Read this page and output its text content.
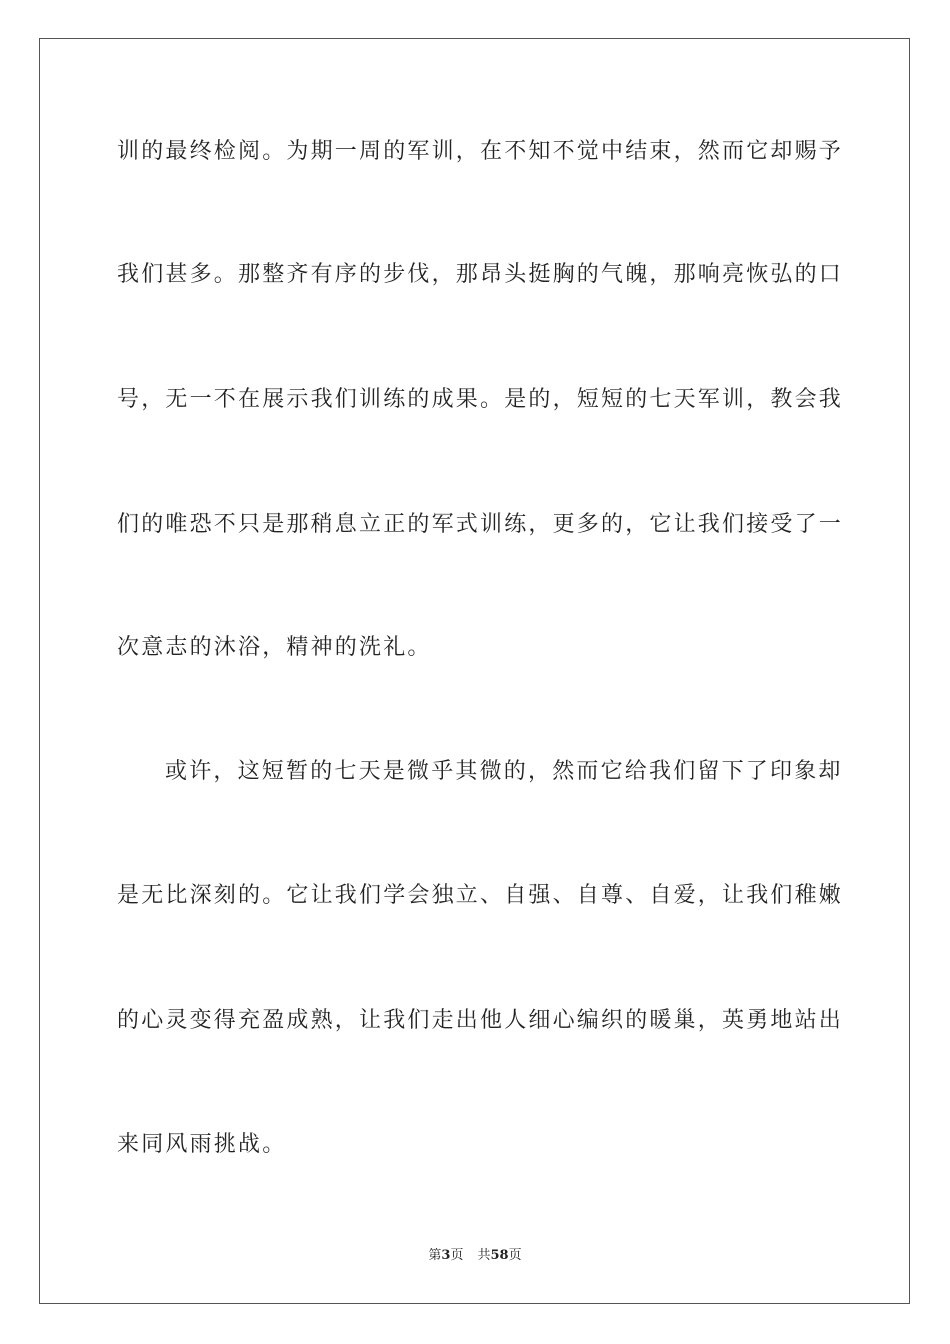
训的最终检阅。为期一周的军训，在不知不觉中结束，然而它却赐予
我们甚多。那整齐有序的步伐，那昂头挺胸的气魄，那响亮恢弘的口
号，无一不在展示我们训练的成果。是的，短短的七天军训，教会我
们的唯恐不只是那稍息立正的军式训练，更多的，它让我们接受了一
次意志的沐浴，精神的洗礼。
或许，这短暂的七天是微乎其微的，然而它给我们留下了印象却
是无比深刻的。它让我们学会独立、自强、自尊、自爱，让我们稚嫩
的心灵变得充盈成熟，让我们走出他人细心编织的暖巢，英勇地站出
来同风雨挑战。
第3页 共58页
